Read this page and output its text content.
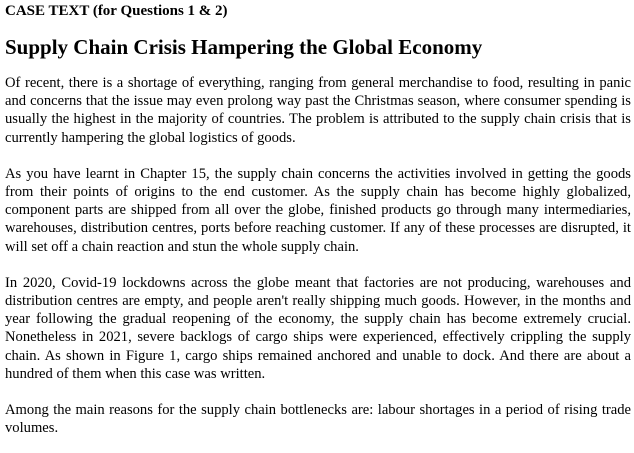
CASE TEXT (for Questions 1 & 2)

Supply Chain Crisis Hampering the Global Economy

Of recent, there is a shortage of everything, ranging from general merchandise to food, resulting in panic and concerns that the issue may even prolong way past the Christmas season, where consumer spending is usually the highest in the majority of countries. The problem is attributed to the supply chain crisis that is currently hampering the global logistics of goods.

As you have learnt in Chapter 15, the supply chain concerns the activities involved in getting the goods from their points of origins to the end customer. As the supply chain has become highly globalized, component parts are shipped from all over the globe, finished products go through many intermediaries, warehouses, distribution centres, ports before reaching customer. If any of these processes are disrupted, it will set off a chain reaction and stun the whole supply chain.

In 2020, Covid-19 lockdowns across the globe meant that factories are not producing, warehouses and distribution centres are empty, and people aren't really shipping much goods. However, in the months and year following the gradual reopening of the economy, the supply chain has become extremely crucial. Nonetheless in 2021, severe backlogs of cargo ships were experienced, effectively crippling the supply chain. As shown in Figure 1, cargo ships remained anchored and unable to dock. And there are about a hundred of them when this case was written.

Among the main reasons for the supply chain bottlenecks are: labour shortages in a period of rising trade volumes.
